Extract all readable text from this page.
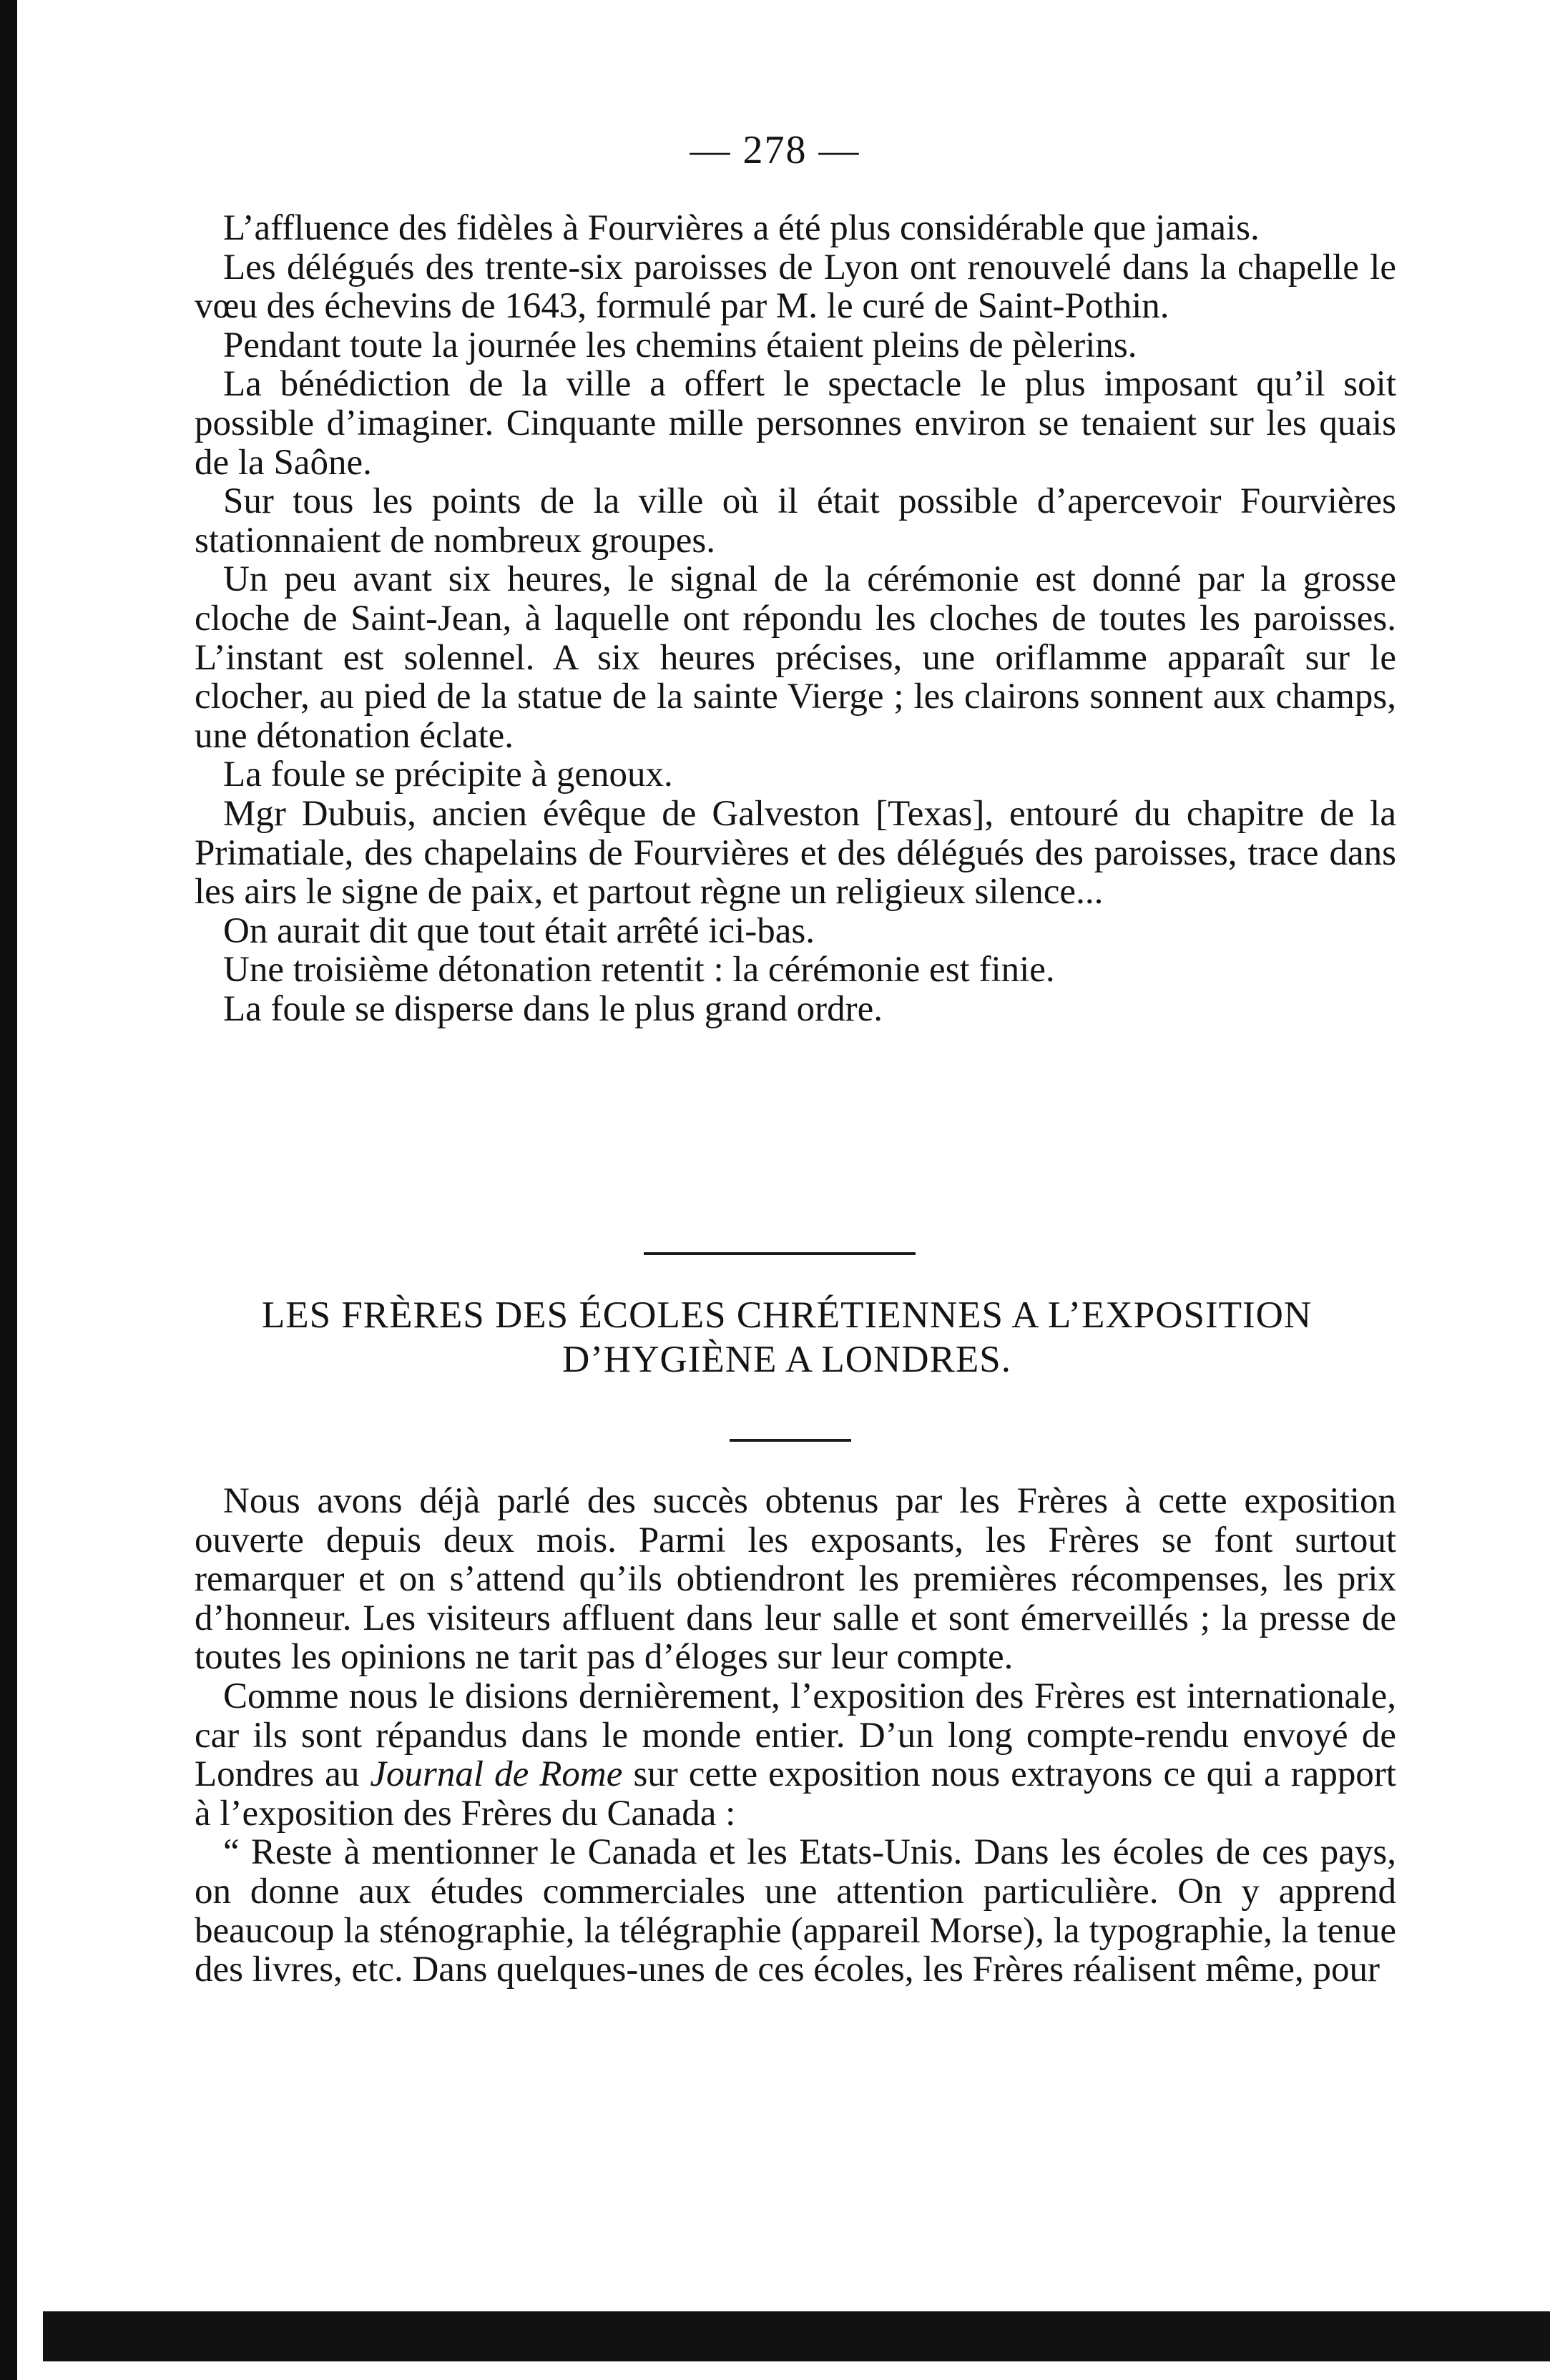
— 278 —

L’affluence des fidèles à Fourvières a été plus considérable que jamais.

Les délégués des trente-six paroisses de Lyon ont renouvelé dans la chapelle le vœu des échevins de 1643, formulé par M. le curé de Saint-Pothin.

Pendant toute la journée les chemins étaient pleins de pèlerins.

La bénédiction de la ville a offert le spectacle le plus imposant qu’il soit possible d’imaginer. Cinquante mille personnes environ se tenaient sur les quais de la Saône.

Sur tous les points de la ville où il était possible d’apercevoir Fourvières stationnaient de nombreux groupes.

Un peu avant six heures, le signal de la cérémonie est donné par la grosse cloche de Saint-Jean, à laquelle ont répondu les cloches de toutes les paroisses. L’instant est solennel. A six heures précises, une oriflamme apparaît sur le clocher, au pied de la statue de la sainte Vierge ; les clairons sonnent aux champs, une détonation éclate.

La foule se précipite à genoux.

Mgr Dubuis, ancien évêque de Galveston [Texas], entouré du chapitre de la Primatiale, des chapelains de Fourvières et des délégués des paroisses, trace dans les airs le signe de paix, et partout règne un religieux silence...

On aurait dit que tout était arrêté ici-bas.

Une troisième détonation retentit : la cérémonie est finie.

La foule se disperse dans le plus grand ordre.

LES FRÈRES DES ÉCOLES CHRÉTIENNES A L’EXPOSITION
D’HYGIÈNE A LONDRES.

Nous avons déjà parlé des succès obtenus par les Frères à cette exposition ouverte depuis deux mois. Parmi les exposants, les Frères se font surtout remarquer et on s’attend qu’ils obtiendront les premières récompenses, les prix d’honneur. Les visiteurs affluent dans leur salle et sont émerveillés ; la presse de toutes les opinions ne tarit pas d’éloges sur leur compte.

Comme nous le disions dernièrement, l’exposition des Frères est internationale, car ils sont répandus dans le monde entier. D’un long compte-rendu envoyé de Londres au Journal de Rome sur cette exposition nous extrayons ce qui a rapport à l’exposition des Frères du Canada :

“ Reste à mentionner le Canada et les Etats-Unis. Dans les écoles de ces pays, on donne aux études commerciales une attention particulière. On y apprend beaucoup la sténographie, la télégraphie (appareil Morse), la typographie, la tenue des livres, etc. Dans quelques-unes de ces écoles, les Frères réalisent même, pour
